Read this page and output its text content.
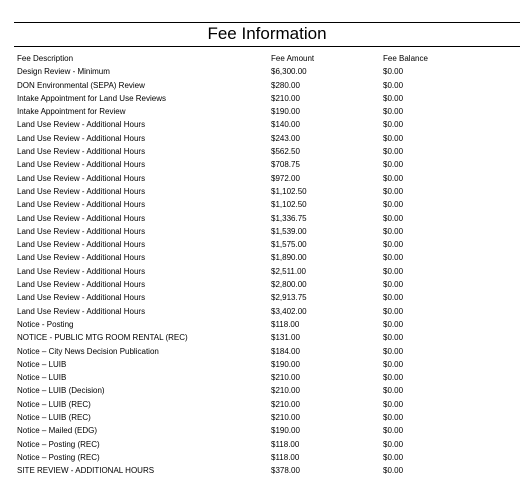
Fee Information
Fee Description	Fee Amount	Fee Balance
Design Review - Minimum	$6,300.00	$0.00
DON Environmental (SEPA) Review	$280.00	$0.00
Intake Appointment for Land Use Reviews	$210.00	$0.00
Intake Appointment for Review	$190.00	$0.00
Land Use Review - Additional Hours	$140.00	$0.00
Land Use Review - Additional Hours	$243.00	$0.00
Land Use Review - Additional Hours	$562.50	$0.00
Land Use Review - Additional Hours	$708.75	$0.00
Land Use Review - Additional Hours	$972.00	$0.00
Land Use Review - Additional Hours	$1,102.50	$0.00
Land Use Review - Additional Hours	$1,102.50	$0.00
Land Use Review - Additional Hours	$1,336.75	$0.00
Land Use Review - Additional Hours	$1,539.00	$0.00
Land Use Review - Additional Hours	$1,575.00	$0.00
Land Use Review - Additional Hours	$1,890.00	$0.00
Land Use Review - Additional Hours	$2,511.00	$0.00
Land Use Review - Additional Hours	$2,800.00	$0.00
Land Use Review - Additional Hours	$2,913.75	$0.00
Land Use Review - Additional Hours	$3,402.00	$0.00
Notice - Posting	$118.00	$0.00
NOTICE - PUBLIC MTG ROOM RENTAL (REC)	$131.00	$0.00
Notice – City News Decision Publication	$184.00	$0.00
Notice – LUIB	$190.00	$0.00
Notice – LUIB	$210.00	$0.00
Notice – LUIB (Decision)	$210.00	$0.00
Notice – LUIB (REC)	$210.00	$0.00
Notice – LUIB (REC)	$210.00	$0.00
Notice – Mailed (EDG)	$190.00	$0.00
Notice – Posting (REC)	$118.00	$0.00
Notice – Posting (REC)	$118.00	$0.00
SITE REVIEW - ADDITIONAL HOURS	$378.00	$0.00
